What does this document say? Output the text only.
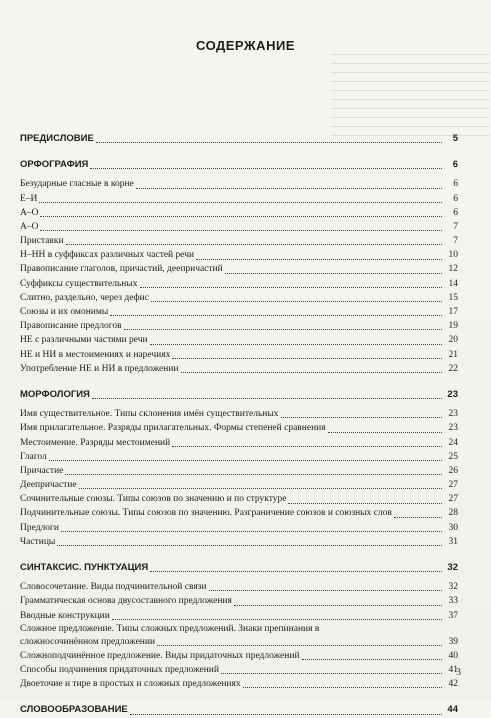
СОДЕРЖАНИЕ
ПРЕДИСЛОВИЕ	5
ОРФОГРАФИЯ	6
Безударные гласные в корне	6
Е–И	6
А–О	6
А–О	7
Приставки	7
Н–НН в суффиксах различных частей речи	10
Правописание глаголов, причастий, деепричастий	12
Суффиксы существительных	14
Слитно, раздельно, через дефис	15
Союзы и их омонимы	17
Правописание предлогов	19
НЕ с различными частями речи	20
НЕ и НИ в местоимениях и наречиях	21
Употребление НЕ и НИ в предложении	22
МОРФОЛОГИЯ	23
Имя существительное. Типы склонения имён существительных	23
Имя прилагательное. Разряды прилагательных. Формы степеней сравнения	23
Местоимение. Разряды местоимений	24
Глагол	25
Причастие	26
Деепричастие	27
Сочинительные союзы. Типы союзов по значению и по структуре	27
Подчинительные союзы. Типы союзов по значению. Разграничение союзов и союзных слов	28
Предлоги	30
Частицы	31
СИНТАКСИС. ПУНКТУАЦИЯ	32
Словосочетание. Виды подчинительной связи	32
Грамматическая основа двусоставного предложения	33
Вводные конструкции	37
Сложное предложение. Типы сложных предложений. Знаки препинания в
сложносочинённом предложении	39
Сложноподчинённое предложение. Виды придаточных предложений	40
Способы подчинения придаточных предложений	41
Двоеточие и тире в простых и сложных предложениях	42
СЛОВООБРАЗОВАНИЕ	44
3
